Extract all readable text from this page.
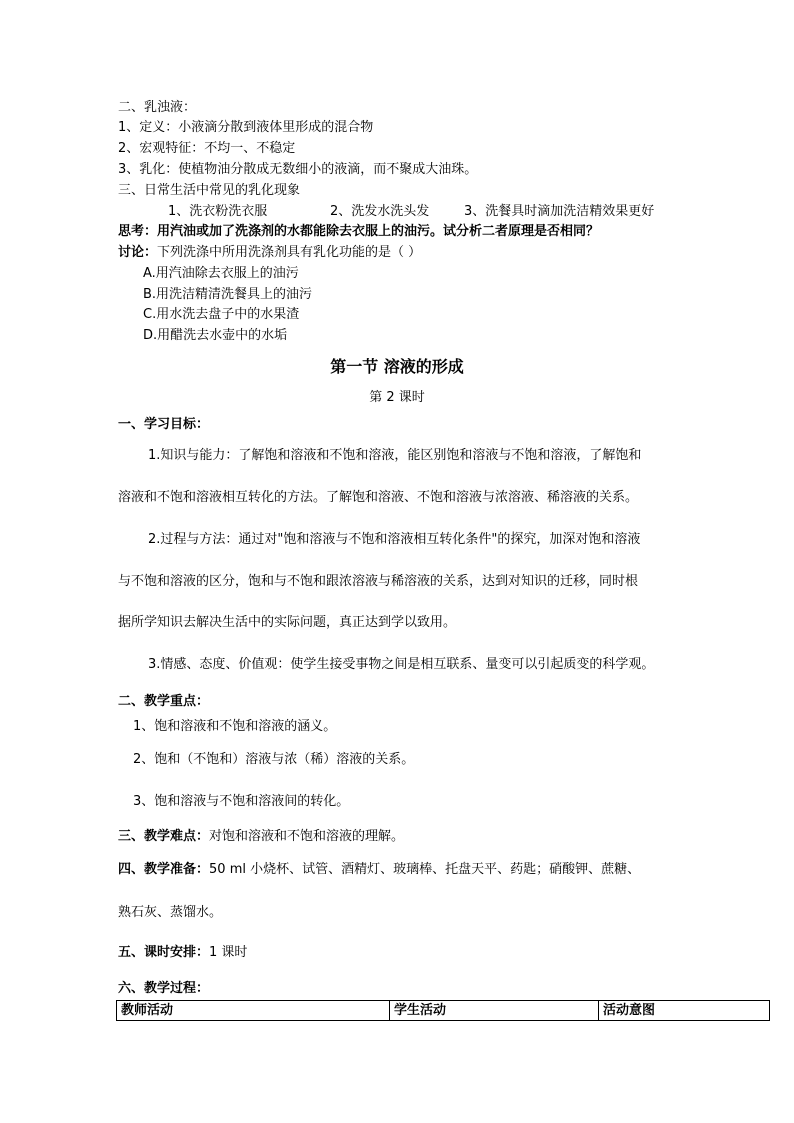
二、乳浊液：
1、定义：小液滴分散到液体里形成的混合物
2、宏观特征：不均一、不稳定
3、乳化：使植物油分散成无数细小的液滴，而不聚成大油珠。
三、日常生活中常见的乳化现象
1、洗衣粉洗衣服	2、洗发水洗头发	3、洗餐具时滴加洗洁精效果更好
思考：用汽油或加了洗涤剂的水都能除去衣服上的油污。试分析二者原理是否相同？
讨论：下列洗涤中所用洗涤剂具有乳化功能的是（ ）
A.用汽油除去衣服上的油污
B.用洗洁精清洗餐具上的油污
C.用水洗去盘子中的水果渣
D.用醋洗去水壶中的水垢
第一节 溶液的形成
第 2 课时
一、学习目标：
1.知识与能力：了解饱和溶液和不饱和溶液，能区别饱和溶液与不饱和溶液，了解饱和
溶液和不饱和溶液相互转化的方法。了解饱和溶液、不饱和溶液与浓溶液、稀溶液的关系。
2.过程与方法：通过对"饱和溶液与不饱和溶液相互转化条件"的探究，加深对饱和溶液
与不饱和溶液的区分，饱和与不饱和跟浓溶液与稀溶液的关系，达到对知识的迁移，同时根
据所学知识去解决生活中的实际问题，真正达到学以致用。
3.情感、态度、价值观：使学生接受事物之间是相互联系、量变可以引起质变的科学观。
二、教学重点：
1、饱和溶液和不饱和溶液的涵义。
2、饱和（不饱和）溶液与浓（稀）溶液的关系。
3、饱和溶液与不饱和溶液间的转化。
三、教学难点：对饱和溶液和不饱和溶液的理解。
四、教学准备：50 ml 小烧杯、试管、酒精灯、玻璃棒、托盘天平、药匙；硝酸钾、蔗糖、
熟石灰、蒸馏水。
五、课时安排：1 课时
六、教学过程：
教师活动	学生活动	活动意图
